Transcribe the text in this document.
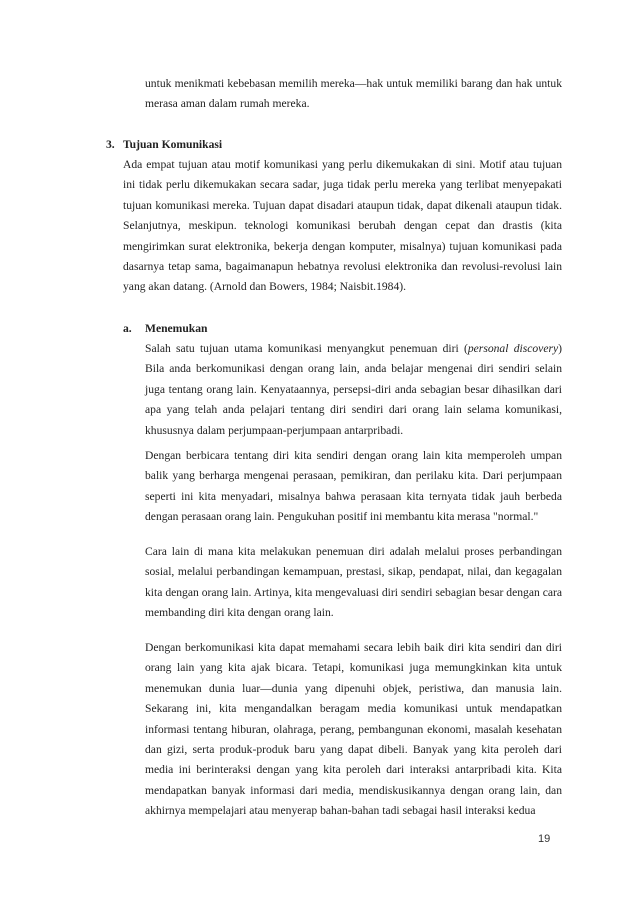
untuk menikmati kebebasan memilih mereka—hak untuk memiliki barang dan hak untuk merasa aman dalam rumah mereka.

3. Tujuan Komunikasi

Ada empat tujuan atau motif komunikasi yang perlu dikemukakan di sini. Motif atau tujuan ini tidak perlu dikemukakan secara sadar, juga tidak perlu mereka yang terlibat menyepakati tujuan komunikasi mereka. Tujuan dapat disadari ataupun tidak, dapat dikenali ataupun tidak. Selanjutnya, meskipun. teknologi komunikasi berubah dengan cepat dan drastis (kita mengirimkan surat elektronika, bekerja dengan komputer, misalnya) tujuan komunikasi pada dasarnya tetap sama, bagaimanapun hebatnya revolusi elektronika dan revolusi-revolusi lain yang akan datang. (Arnold dan Bowers, 1984; Naisbit.1984).

a. Menemukan

Salah satu tujuan utama komunikasi menyangkut penemuan diri (personal discovery) Bila anda berkomunikasi dengan orang lain, anda belajar mengenai diri sendiri selain juga tentang orang lain. Kenyataannya, persepsi-diri anda sebagian besar dihasilkan dari apa yang telah anda pelajari tentang diri sendiri dari orang lain selama komunikasi, khususnya dalam perjumpaan-perjumpaan antarpribadi.

Dengan berbicara tentang diri kita sendiri dengan orang lain kita memperoleh umpan balik yang berharga mengenai perasaan, pemikiran, dan perilaku kita. Dari perjumpaan seperti ini kita menyadari, misalnya bahwa perasaan kita ternyata tidak jauh berbeda dengan perasaan orang lain. Pengukuhan positif ini membantu kita merasa "normal."

Cara lain di mana kita melakukan penemuan diri adalah melalui proses perbandingan sosial, melalui perbandingan kemampuan, prestasi, sikap, pendapat, nilai, dan kegagalan kita dengan orang lain. Artinya, kita mengevaluasi diri sendiri sebagian besar dengan cara membanding diri kita dengan orang lain.

Dengan berkomunikasi kita dapat memahami secara lebih baik diri kita sendiri dan diri orang lain yang kita ajak bicara. Tetapi, komunikasi juga memungkinkan kita untuk menemukan dunia luar—dunia yang dipenuhi objek, peristiwa, dan manusia lain. Sekarang ini, kita mengandalkan beragam media komunikasi untuk mendapatkan informasi tentang hiburan, olahraga, perang, pembangunan ekonomi, masalah kesehatan dan gizi, serta produk-produk baru yang dapat dibeli. Banyak yang kita peroleh dari media ini berinteraksi dengan yang kita peroleh dari interaksi antarpribadi kita. Kita mendapatkan banyak informasi dari media, mendiskusikannya dengan orang lain, dan akhirnya mempelajari atau menyerap bahan-bahan tadi sebagai hasil interaksi kedua

19
